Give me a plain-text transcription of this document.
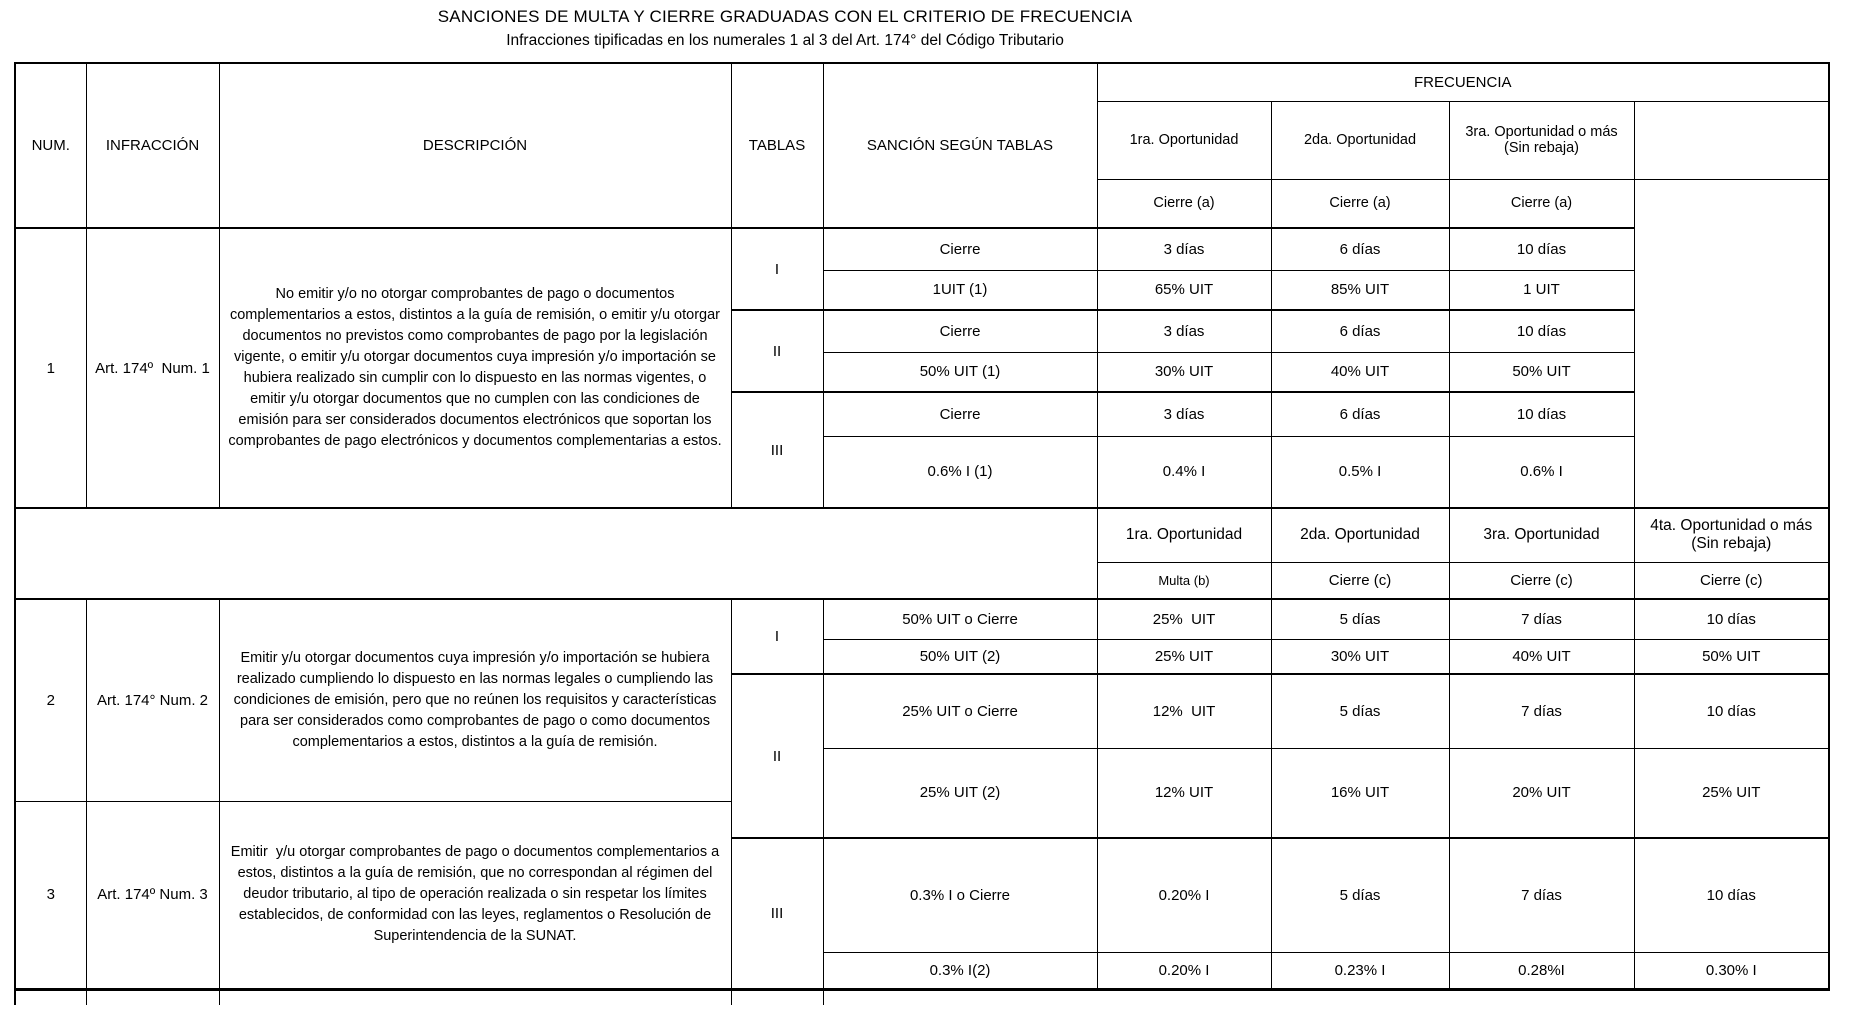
SANCIONES DE MULTA Y CIERRE GRADUADAS CON EL CRITERIO DE FRECUENCIA
Infracciones tipificadas en los numerales 1 al 3 del Art. 174° del Código Tributario
NUM.	INFRACCIÓN	DESCRIPCIÓN	TABLAS	SANCIÓN SEGÚN TABLAS	FRECUENCIA			
					1ra. Oportunidad	2da. Oportunidad	3ra. Oportunidad o más (Sin rebaja)	
					Cierre (a)	Cierre (a)	Cierre (a)	
1	Art. 174º  Num. 1	No emitir y/o no otorgar comprobantes de pago o documentos complementarios a estos, distintos a la guía de remisión, o emitir y/u otorgar documentos no previstos como comprobantes de pago por la legislación vigente, o emitir y/u otorgar documentos cuya impresión y/o importación se hubiera realizado sin cumplir con lo dispuesto en las normas vigentes, o emitir y/u otorgar documentos que no cumplen con las condiciones de emisión para ser considerados documentos electrónicos que soportan los comprobantes de pago electrónicos y documentos complementarias a estos.	I	Cierre	3 días	6 días	10 días	
				1UIT (1)	65% UIT	85% UIT	1 UIT	
			II	Cierre	3 días	6 días	10 días	
				50% UIT (1)	30% UIT	40% UIT	50% UIT	
			III	Cierre	3 días	6 días	10 días	
				0.6% I (1)	0.4% I	0.5% I	0.6% I	
					1ra. Oportunidad	2da. Oportunidad	3ra. Oportunidad	4ta. Oportunidad o más (Sin rebaja)
					Multa (b)	Cierre (c)	Cierre (c)	Cierre (c)
2	Art. 174° Num. 2	Emitir y/u otorgar documentos cuya impresión y/o importación se hubiera realizado cumpliendo lo dispuesto en las normas legales o cumpliendo las condiciones de emisión, pero que no reúnen los requisitos y características para ser considerados como comprobantes de pago o como documentos complementarios a estos, distintos a la guía de remisión.	I	50% UIT o Cierre	25%  UIT	5 días	7 días	10 días
				50% UIT (2)	25% UIT	30% UIT	40% UIT	50% UIT
			II	25% UIT o Cierre	12%  UIT	5 días	7 días	10 días
				25% UIT (2)	12% UIT	16% UIT	20% UIT	25% UIT
3	Art. 174º Num. 3	Emitir  y/u otorgar comprobantes de pago o documentos complementarios a estos, distintos a la guía de remisión, que no correspondan al régimen del deudor tributario, al tipo de operación realizada o sin respetar los límites establecidos, de conformidad con las leyes, reglamentos o Resolución de Superintendencia de la SUNAT.						
			III	0.3% I o Cierre	0.20% I	5 días	7 días	10 días
				0.3% I(2)	0.20% I	0.23% I	0.28%I	0.30% I
